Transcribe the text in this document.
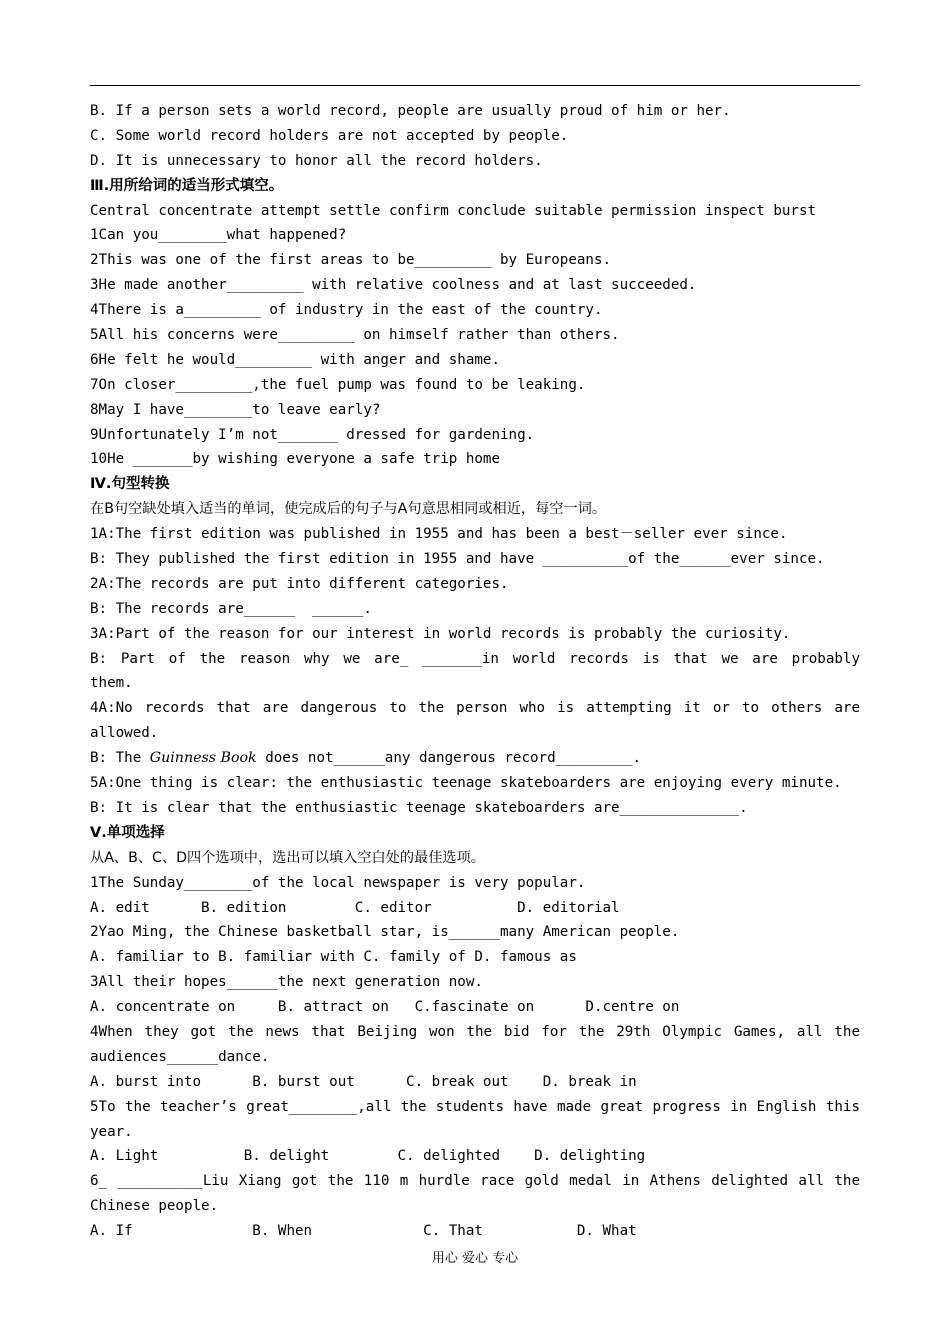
B. If a person sets a world record, people are usually proud of him or her.
C. Some world record holders are not accepted by people.
D. It is unnecessary to honor all the record holders.
Ⅲ.用所给词的适当形式填空。
Central concentrate attempt settle confirm conclude suitable permission inspect burst
1Can you________what happened?
2This was one of the first areas to be_________ by Europeans.
3He made another_________ with relative coolness and at last succeeded.
4There is a_________ of industry in the east of the country.
5All his concerns were_________ on himself rather than others.
6He felt he would_________ with anger and shame.
7On closer_________,the fuel pump was found to be leaking.
8May I have________to leave early?
9Unfortunately I’m not_______ dressed for gardening.
10He _______by wishing everyone a safe trip home
Ⅳ.句型转换
在B句空缺处填入适当的单词，使完成后的句子与A句意思相同或相近，每空一词。
1A:The first edition was published in 1955 and has been a best－seller ever since.
B: They published the first edition in 1955 and have __________of the______ever since.
2A:The records are put into different categories.
B: The records are______  ______.
3A:Part of the reason for our interest in world records is probably the curiosity.
B: Part of the reason why we are_ _______in world records is that we are probably
them.
4A:No records that are dangerous to the person who is attempting it or to others are
allowed.
B: The Guinness Book does not______any dangerous record_________.
5A:One thing is clear: the enthusiastic teenage skateboarders are enjoying every minute.
B: It is clear that the enthusiastic teenage skateboarders are______________.
Ⅴ.单项选择
从A、B、C、D四个选项中，选出可以填入空白处的最佳选项。
1The Sunday________of the local newspaper is very popular.
A. edit      B. edition        C. editor          D. editorial
2Yao Ming, the Chinese basketball star, is______many American people.
A. familiar to B. familiar with C. family of D. famous as
3All their hopes______the next generation now.
A. concentrate on     B. attract on   C.fascinate on      D.centre on
4When they got the news that Beijing won the bid for the 29th Olympic Games, all the
audiences______dance.
A. burst into      B. burst out      C. break out    D. break in
5To the teacher’s great________,all the students have made great progress in English this
year.
A. Light          B. delight        C. delighted    D. delighting
6_ __________Liu Xiang got the 110 m hurdle race gold medal in Athens delighted all the
Chinese people.
A. If              B. When             C. That           D. What
用心 爱心 专心
